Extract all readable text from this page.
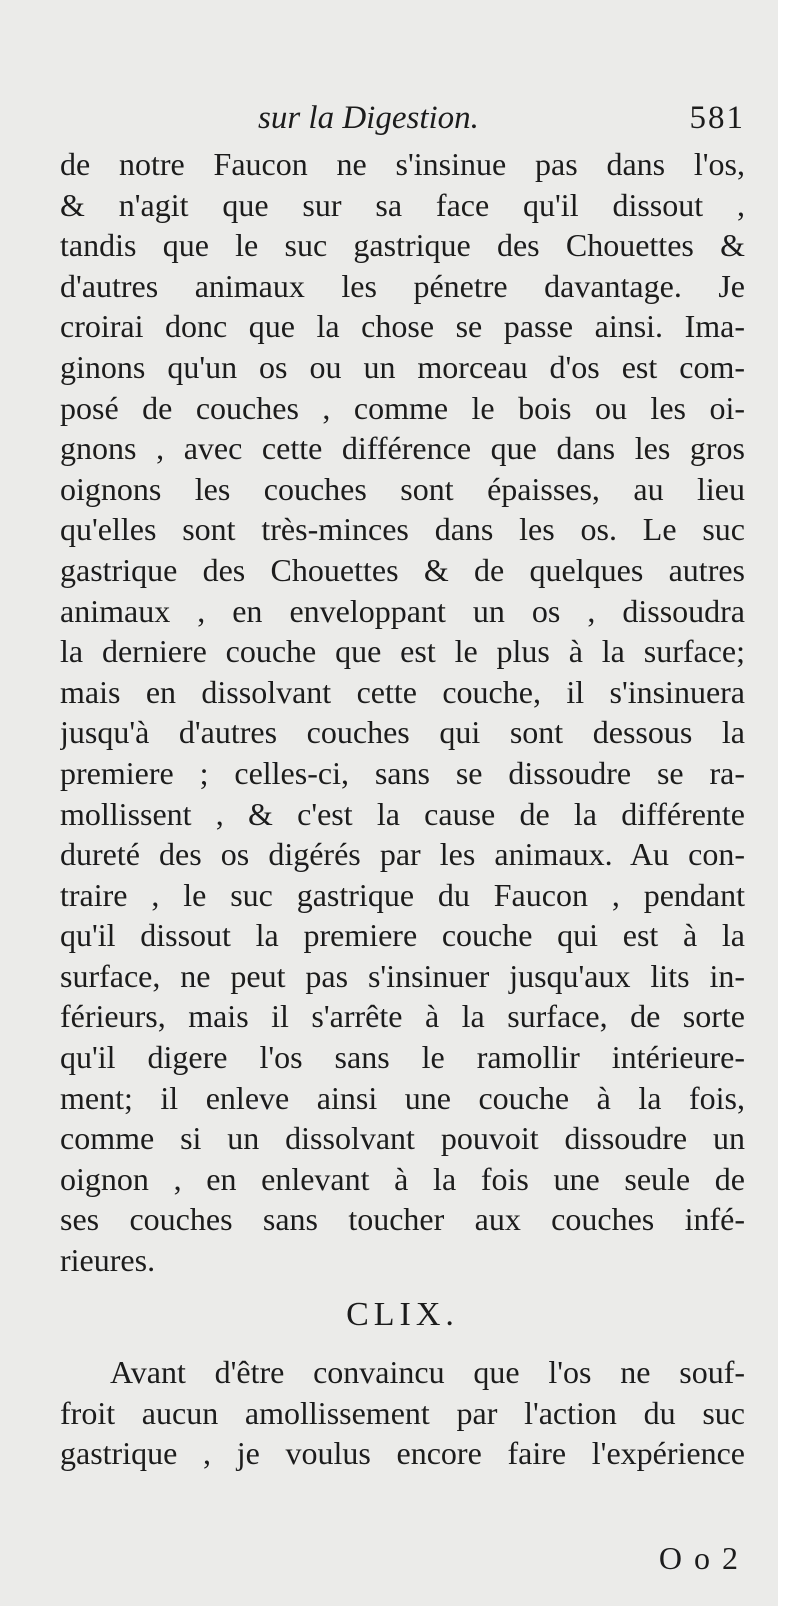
sur la Digestion.	581
de notre Faucon ne s'insinue pas dans l'os,
& n'agit que sur sa face qu'il dissout ,
tandis que le suc gastrique des Chouettes &
d'autres animaux les pénetre davantage. Je
croirai donc que la chose se passe ainsi. Ima-
ginons qu'un os ou un morceau d'os est com-
posé de couches , comme le bois ou les oi-
gnons , avec cette différence que dans les gros
oignons les couches sont épaisses, au lieu
qu'elles sont très-minces dans les os. Le suc
gastrique des Chouettes & de quelques autres
animaux , en enveloppant un os , dissoudra
la derniere couche que est le plus à la surface;
mais en dissolvant cette couche, il s'insinuera
jusqu'à d'autres couches qui sont dessous la
premiere ; celles-ci, sans se dissoudre se ra-
mollissent , & c'est la cause de la différente
dureté des os digérés par les animaux. Au con-
traire , le suc gastrique du Faucon , pendant
qu'il dissout la premiere couche qui est à la
surface, ne peut pas s'insinuer jusqu'aux lits in-
férieurs, mais il s'arrête à la surface, de sorte
qu'il digere l'os sans le ramollir intérieure-
ment; il enleve ainsi une couche à la fois,
comme si un dissolvant pouvoit dissoudre un
oignon , en enlevant à la fois une seule de
ses couches sans toucher aux couches infé-
rieures.
CLIX.
Avant d'être convaincu que l'os ne souf-
froit aucun amollissement par l'action du suc
gastrique , je voulus encore faire l'expérience
O o 2
